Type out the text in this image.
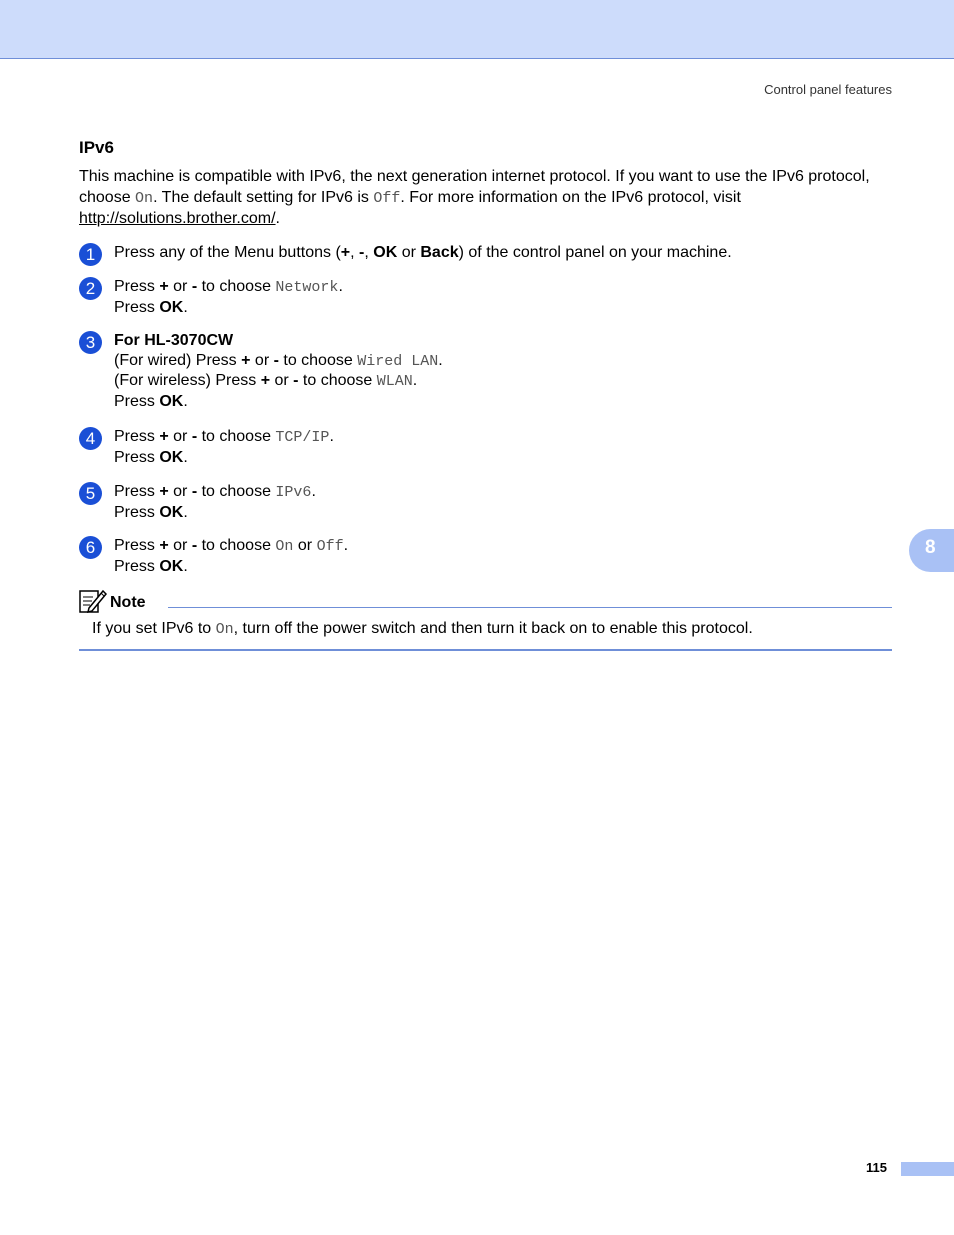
Control panel features
8
IPv6
This machine is compatible with IPv6, the next generation internet protocol. If you want to use the IPv6 protocol, choose On. The default setting for IPv6 is Off. For more information on the IPv6 protocol, visit http://solutions.brother.com/.
1	Press any of the Menu buttons (+, -, OK or Back) of the control panel on your machine.
2	Press + or - to choose Network.
Press OK.
3	For HL-3070CW
(For wired) Press + or - to choose Wired LAN.
(For wireless) Press + or - to choose WLAN.
Press OK.
4	Press + or - to choose TCP/IP.
Press OK.
5	Press + or - to choose IPv6.
Press OK.
6	Press + or - to choose On or Off.
Press OK.
Note
If you set IPv6 to On, turn off the power switch and then turn it back on to enable this protocol.
115
